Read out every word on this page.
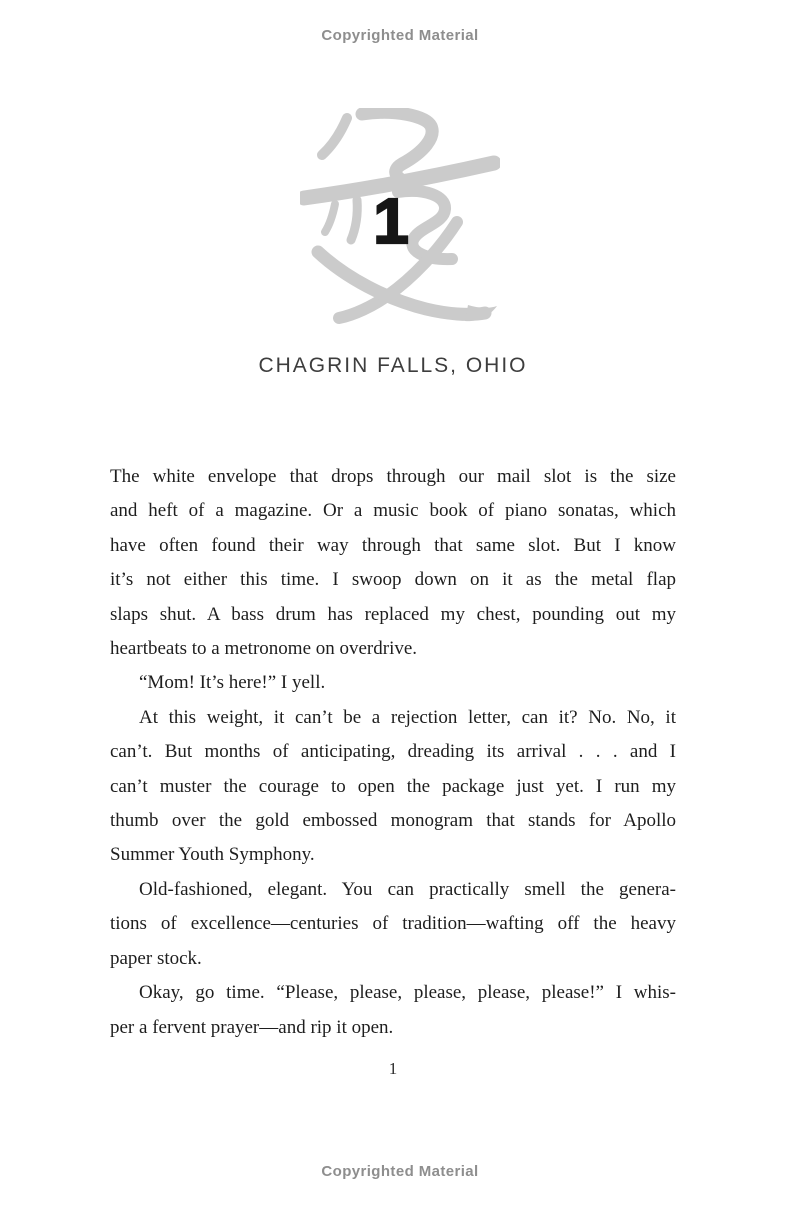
Copyrighted Material
1
CHAGRIN FALLS, OHIO
The white envelope that drops through our mail slot is the size
and heft of a magazine. Or a music book of piano sonatas, which
have often found their way through that same slot. But I know
it’s not either this time. I swoop down on it as the metal flap
slaps shut. A bass drum has replaced my chest, pounding out my
heartbeats to a metronome on overdrive.
“Mom! It’s here!” I yell.
At this weight, it can’t be a rejection letter, can it? No. No, it
can’t. But months of anticipating, dreading its arrival . . . and I
can’t muster the courage to open the package just yet. I run my
thumb over the gold embossed monogram that stands for Apollo
Summer Youth Symphony.
Old-fashioned, elegant. You can practically smell the genera-
tions of excellence—centuries of tradition—wafting off the heavy
paper stock.
Okay, go time. “Please, please, please, please, please!” I whis-
per a fervent prayer—and rip it open.
1
Copyrighted Material
